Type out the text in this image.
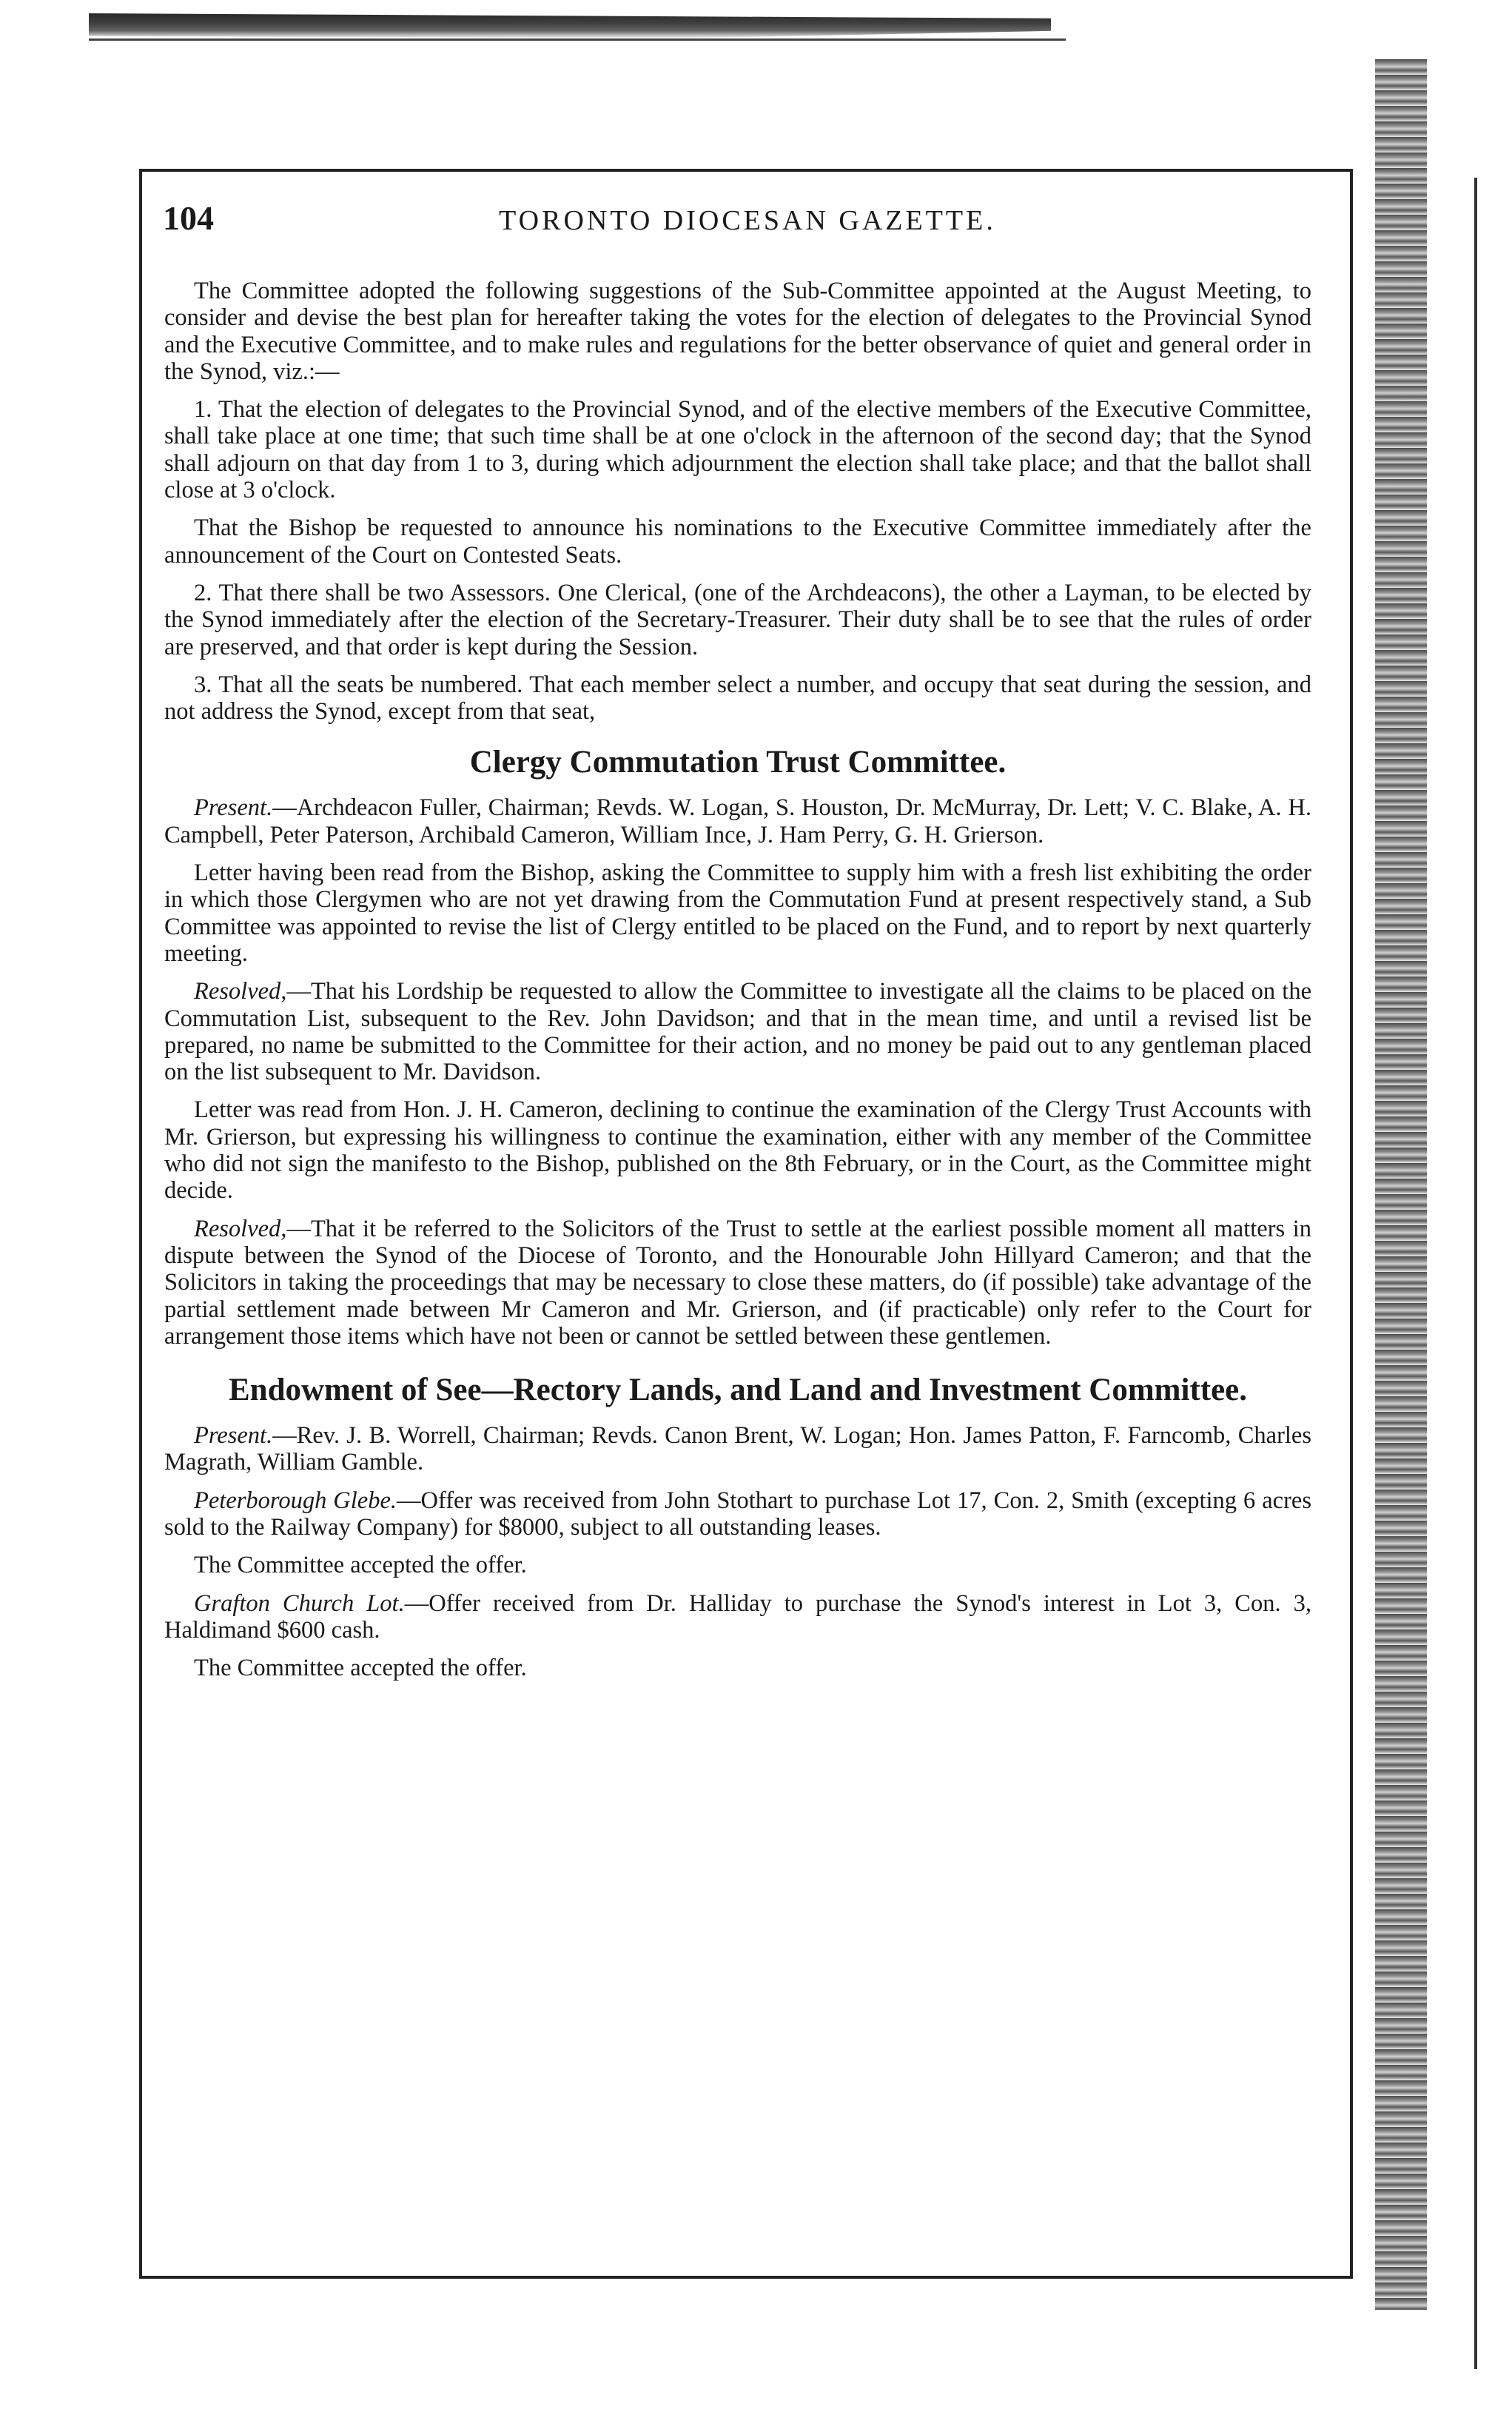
104	TORONTO DIOCESAN GAZETTE.

The Committee adopted the following suggestions of the Sub-Committee appointed at the August Meeting, to consider and devise the best plan for hereafter taking the votes for the election of delegates to the Provincial Synod and the Executive Committee, and to make rules and regulations for the better observance of quiet and general order in the Synod, viz.:—

1. That the election of delegates to the Provincial Synod, and of the elective members of the Executive Committee, shall take place at one time; that such time shall be at one o'clock in the afternoon of the second day; that the Synod shall adjourn on that day from 1 to 3, during which adjournment the election shall take place; and that the ballot shall close at 3 o'clock.

That the Bishop be requested to announce his nominations to the Executive Committee immediately after the announcement of the Court on Contested Seats.

2. That there shall be two Assessors. One Clerical, (one of the Archdeacons), the other a Layman, to be elected by the Synod immediately after the election of the Secretary-Treasurer. Their duty shall be to see that the rules of order are preserved, and that order is kept during the Session.

3. That all the seats be numbered. That each member select a number, and occupy that seat during the session, and not address the Synod, except from that seat,

Clergy Commutation Trust Committee.

Present.—Archdeacon Fuller, Chairman; Revds. W. Logan, S. Houston, Dr. McMurray, Dr. Lett; V. C. Blake, A. H. Campbell, Peter Paterson, Archibald Cameron, William Ince, J. Ham Perry, G. H. Grierson.

Letter having been read from the Bishop, asking the Committee to supply him with a fresh list exhibiting the order in which those Clergymen who are not yet drawing from the Commutation Fund at present respectively stand, a Sub Committee was appointed to revise the list of Clergy entitled to be placed on the Fund, and to report by next quarterly meeting.

Resolved,—That his Lordship be requested to allow the Committee to investigate all the claims to be placed on the Commutation List, subsequent to the Rev. John Davidson; and that in the mean time, and until a revised list be prepared, no name be submitted to the Committee for their action, and no money be paid out to any gentleman placed on the list subsequent to Mr. Davidson.

Letter was read from Hon. J. H. Cameron, declining to continue the examination of the Clergy Trust Accounts with Mr. Grierson, but expressing his willingness to continue the examination, either with any member of the Committee who did not sign the manifesto to the Bishop, published on the 8th February, or in the Court, as the Committee might decide.

Resolved,—That it be referred to the Solicitors of the Trust to settle at the earliest possible moment all matters in dispute between the Synod of the Diocese of Toronto, and the Honourable John Hillyard Cameron; and that the Solicitors in taking the proceedings that may be necessary to close these matters, do (if possible) take advantage of the partial settlement made between Mr Cameron and Mr. Grierson, and (if practicable) only refer to the Court for arrangement those items which have not been or cannot be settled between these gentlemen.

Endowment of See—Rectory Lands, and Land and Investment Committee.

Present.—Rev. J. B. Worrell, Chairman; Revds. Canon Brent, W. Logan; Hon. James Patton, F. Farncomb, Charles Magrath, William Gamble.

Peterborough Glebe.—Offer was received from John Stothart to purchase Lot 17, Con. 2, Smith (excepting 6 acres sold to the Railway Company) for $8000, subject to all outstanding leases.

The Committee accepted the offer.

Grafton Church Lot.—Offer received from Dr. Halliday to purchase the Synod's interest in Lot 3, Con. 3, Haldimand $600 cash.

The Committee accepted the offer.
